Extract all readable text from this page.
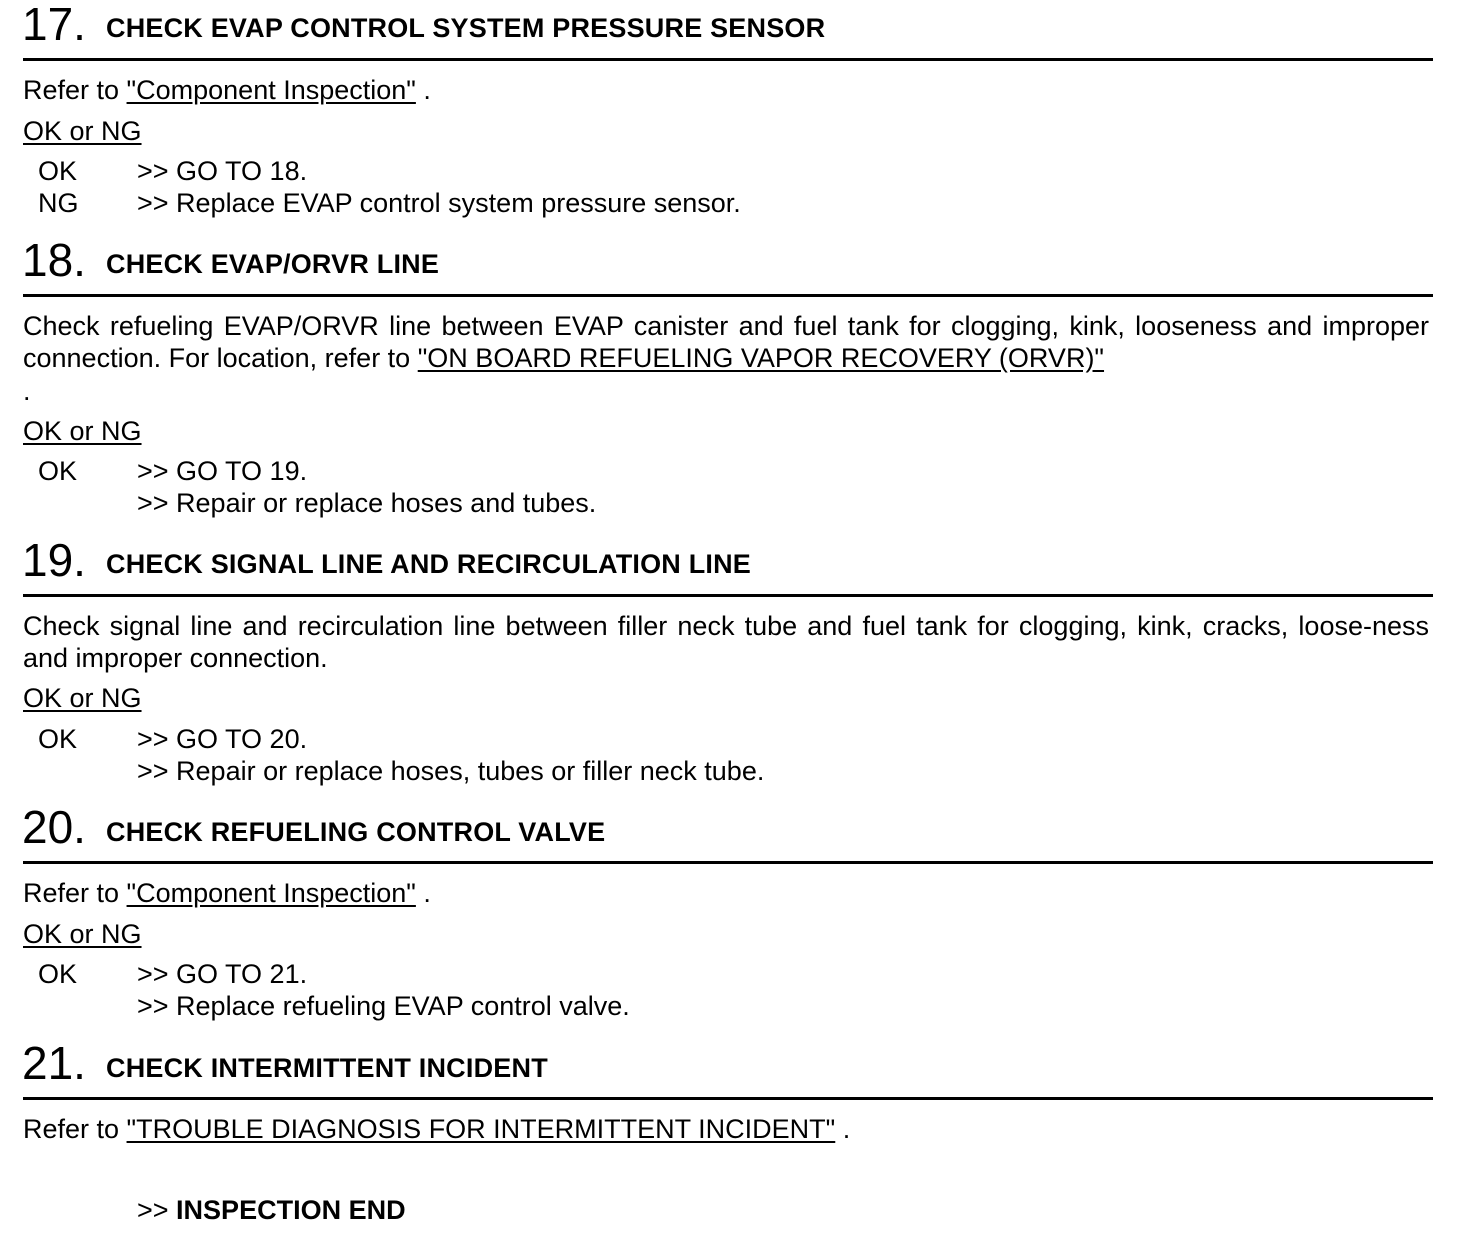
17. CHECK EVAP CONTROL SYSTEM PRESSURE SENSOR
Refer to "Component Inspection" .
OK or NG
OK >> GO TO 18.
NG >> Replace EVAP control system pressure sensor.
18. CHECK EVAP/ORVR LINE
Check refueling EVAP/ORVR line between EVAP canister and fuel tank for clogging, kink, looseness and improper connection. For location, refer to "ON BOARD REFUELING VAPOR RECOVERY (ORVR)"
.
OK or NG
OK >> GO TO 19.
>> Repair or replace hoses and tubes.
19. CHECK SIGNAL LINE AND RECIRCULATION LINE
Check signal line and recirculation line between filler neck tube and fuel tank for clogging, kink, cracks, loose-ness and improper connection.
OK or NG
OK >> GO TO 20.
>> Repair or replace hoses, tubes or filler neck tube.
20. CHECK REFUELING CONTROL VALVE
Refer to "Component Inspection" .
OK or NG
OK >> GO TO 21.
>> Replace refueling EVAP control valve.
21. CHECK INTERMITTENT INCIDENT
Refer to "TROUBLE DIAGNOSIS FOR INTERMITTENT INCIDENT" .
>> INSPECTION END
